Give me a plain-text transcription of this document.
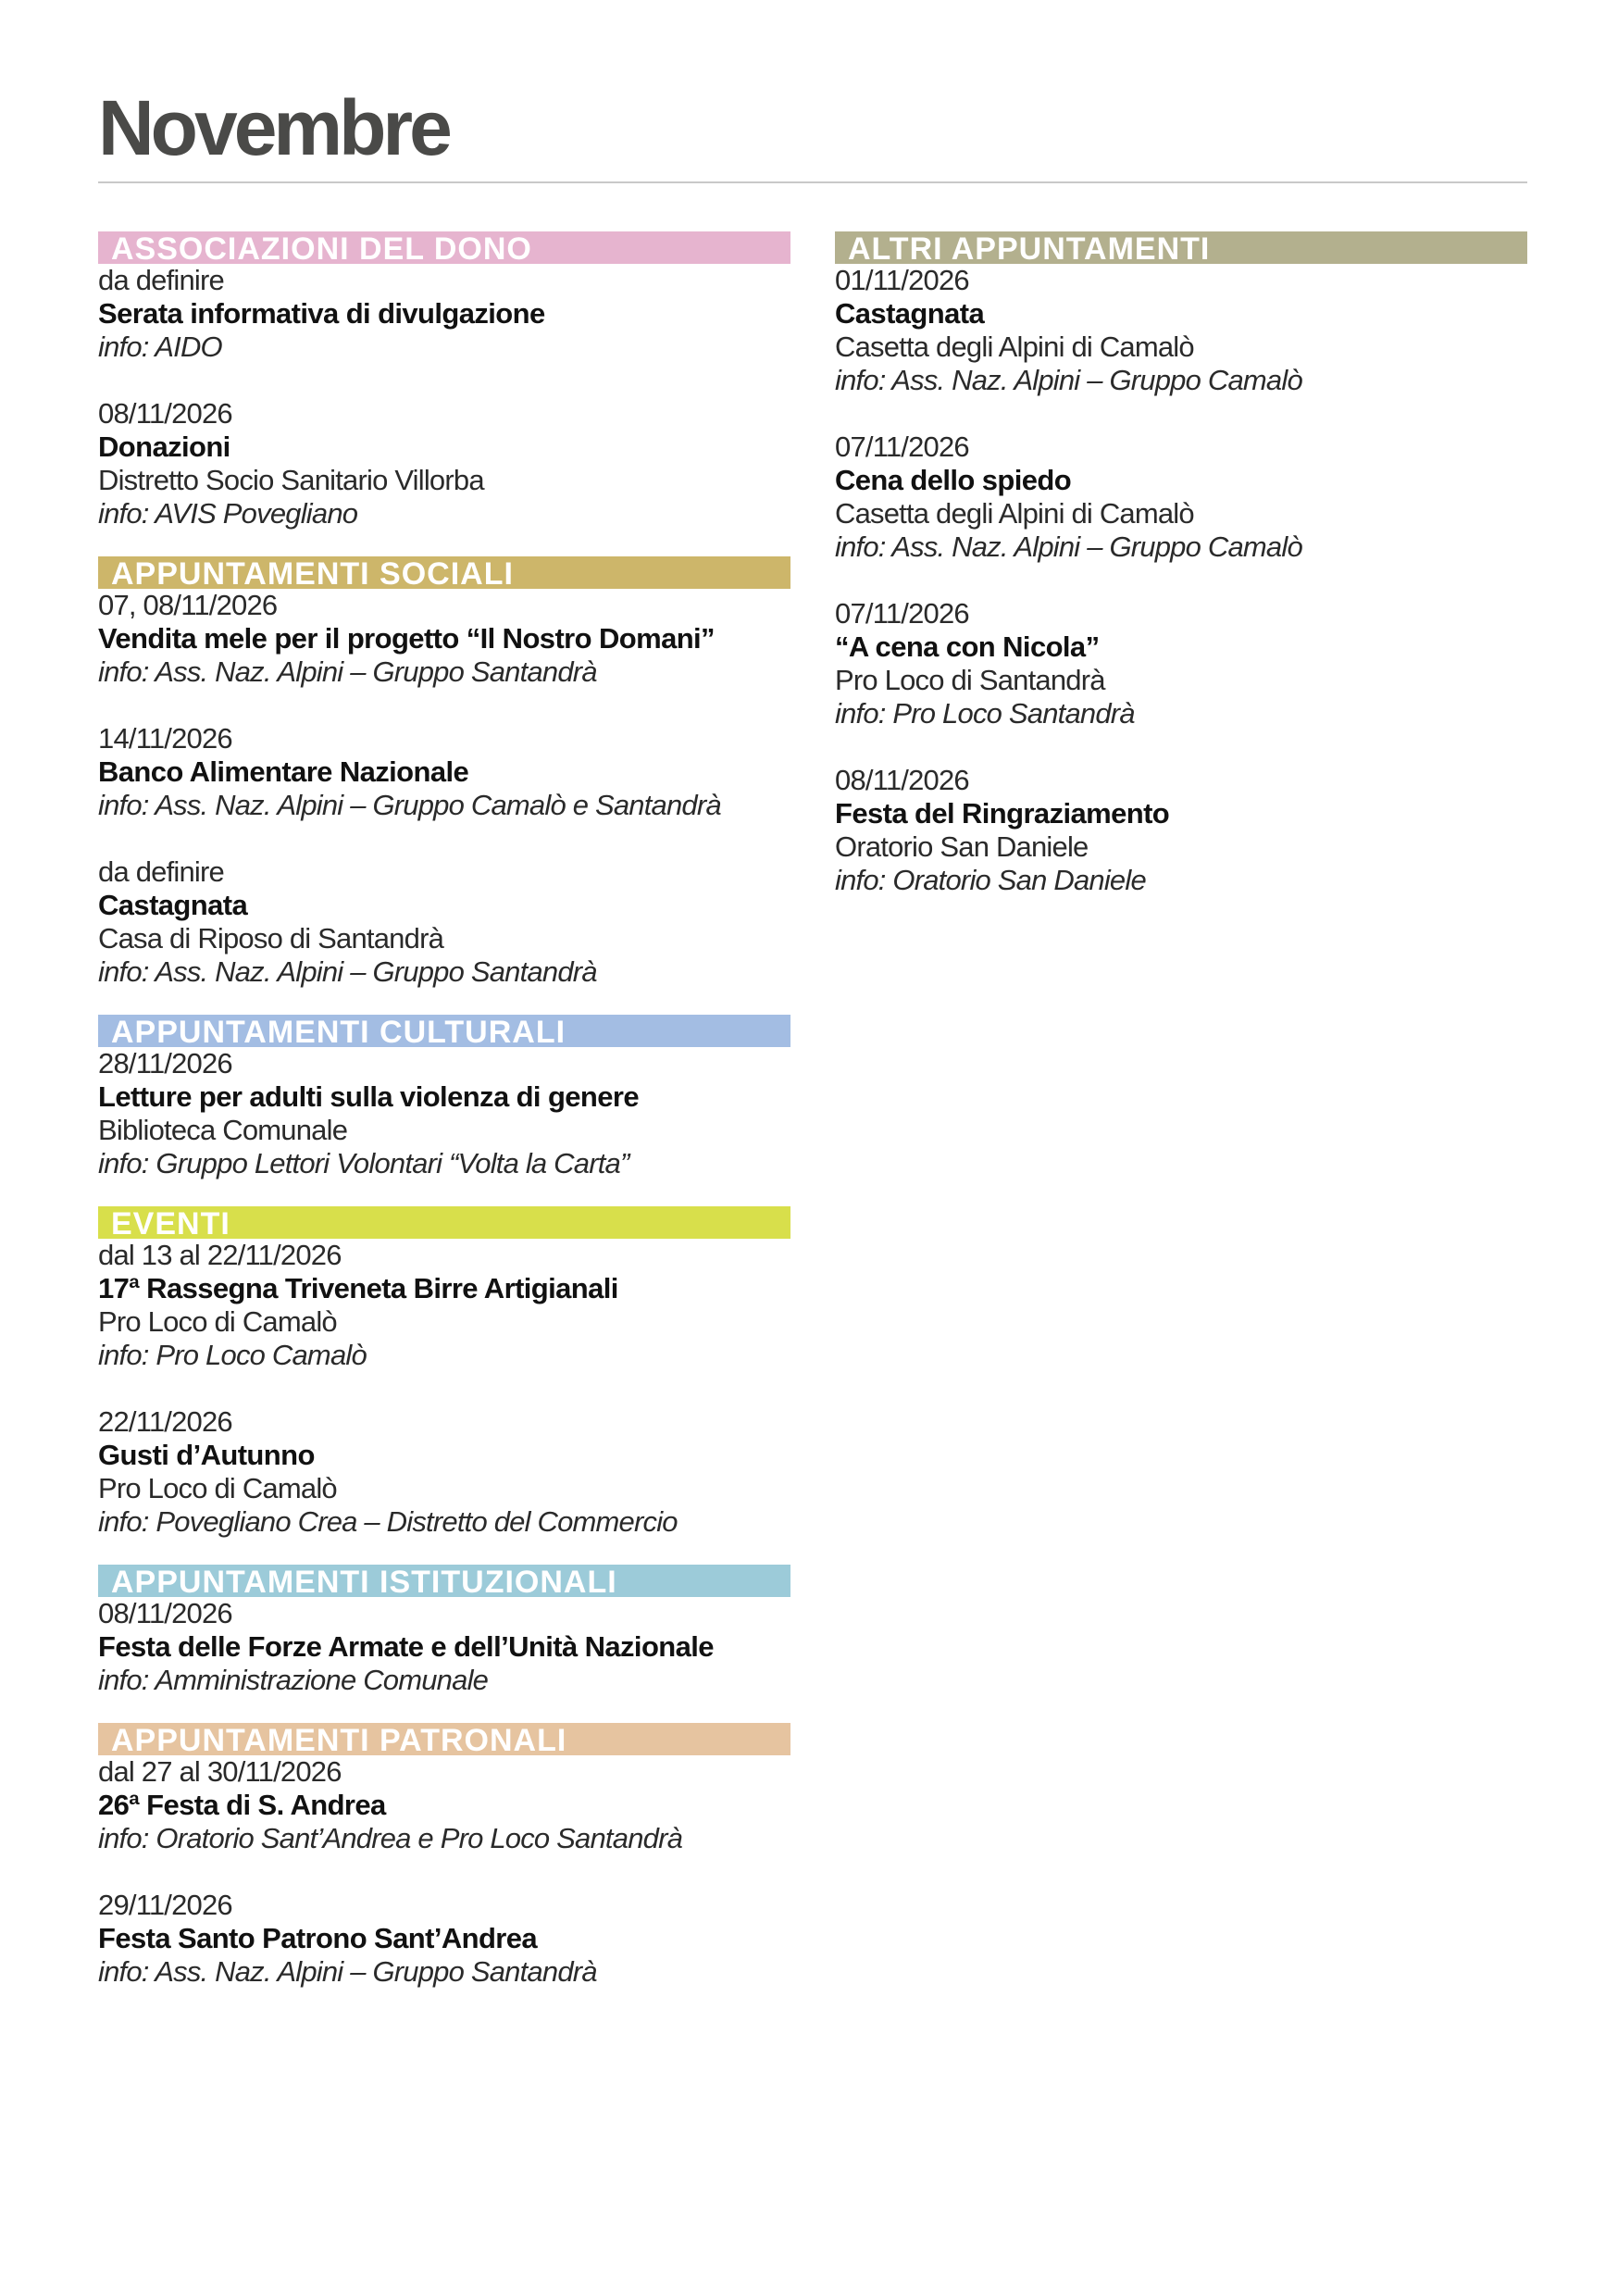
Novembre
ASSOCIAZIONI DEL DONO
da definire
Serata informativa di divulgazione
info: AIDO
08/11/2026
Donazioni
Distretto Socio Sanitario Villorba
info: AVIS Povegliano
APPUNTAMENTI SOCIALI
07, 08/11/2026
Vendita mele per il progetto “Il Nostro Domani”
info: Ass. Naz. Alpini – Gruppo Santandrà
14/11/2026
Banco Alimentare Nazionale
info: Ass. Naz. Alpini – Gruppo Camalò e Santandrà
da definire
Castagnata
Casa di Riposo di Santandrà
info: Ass. Naz. Alpini – Gruppo Santandrà
APPUNTAMENTI CULTURALI
28/11/2026
Letture per adulti sulla violenza di genere
Biblioteca Comunale
info: Gruppo Lettori Volontari “Volta la Carta”
EVENTI
dal 13 al 22/11/2026
17ª Rassegna Triveneta Birre Artigianali
Pro Loco di Camalò
info: Pro Loco Camalò
22/11/2026
Gusti d’Autunno
Pro Loco di Camalò
info: Povegliano Crea – Distretto del Commercio
APPUNTAMENTI ISTITUZIONALI
08/11/2026
Festa delle Forze Armate e dell’Unità Nazionale
info: Amministrazione Comunale
APPUNTAMENTI PATRONALI
dal 27 al 30/11/2026
26ª Festa di S. Andrea
info: Oratorio Sant’Andrea e Pro Loco Santandrà
29/11/2026
Festa Santo Patrono Sant’Andrea
info: Ass. Naz. Alpini – Gruppo Santandrà
ALTRI APPUNTAMENTI
01/11/2026
Castagnata
Casetta degli Alpini di Camalò
info: Ass. Naz. Alpini – Gruppo Camalò
07/11/2026
Cena dello spiedo
Casetta degli Alpini di Camalò
info: Ass. Naz. Alpini – Gruppo Camalò
07/11/2026
“A cena con Nicola”
Pro Loco di Santandrà
info: Pro Loco Santandrà
08/11/2026
Festa del Ringraziamento
Oratorio San Daniele
info: Oratorio San Daniele
